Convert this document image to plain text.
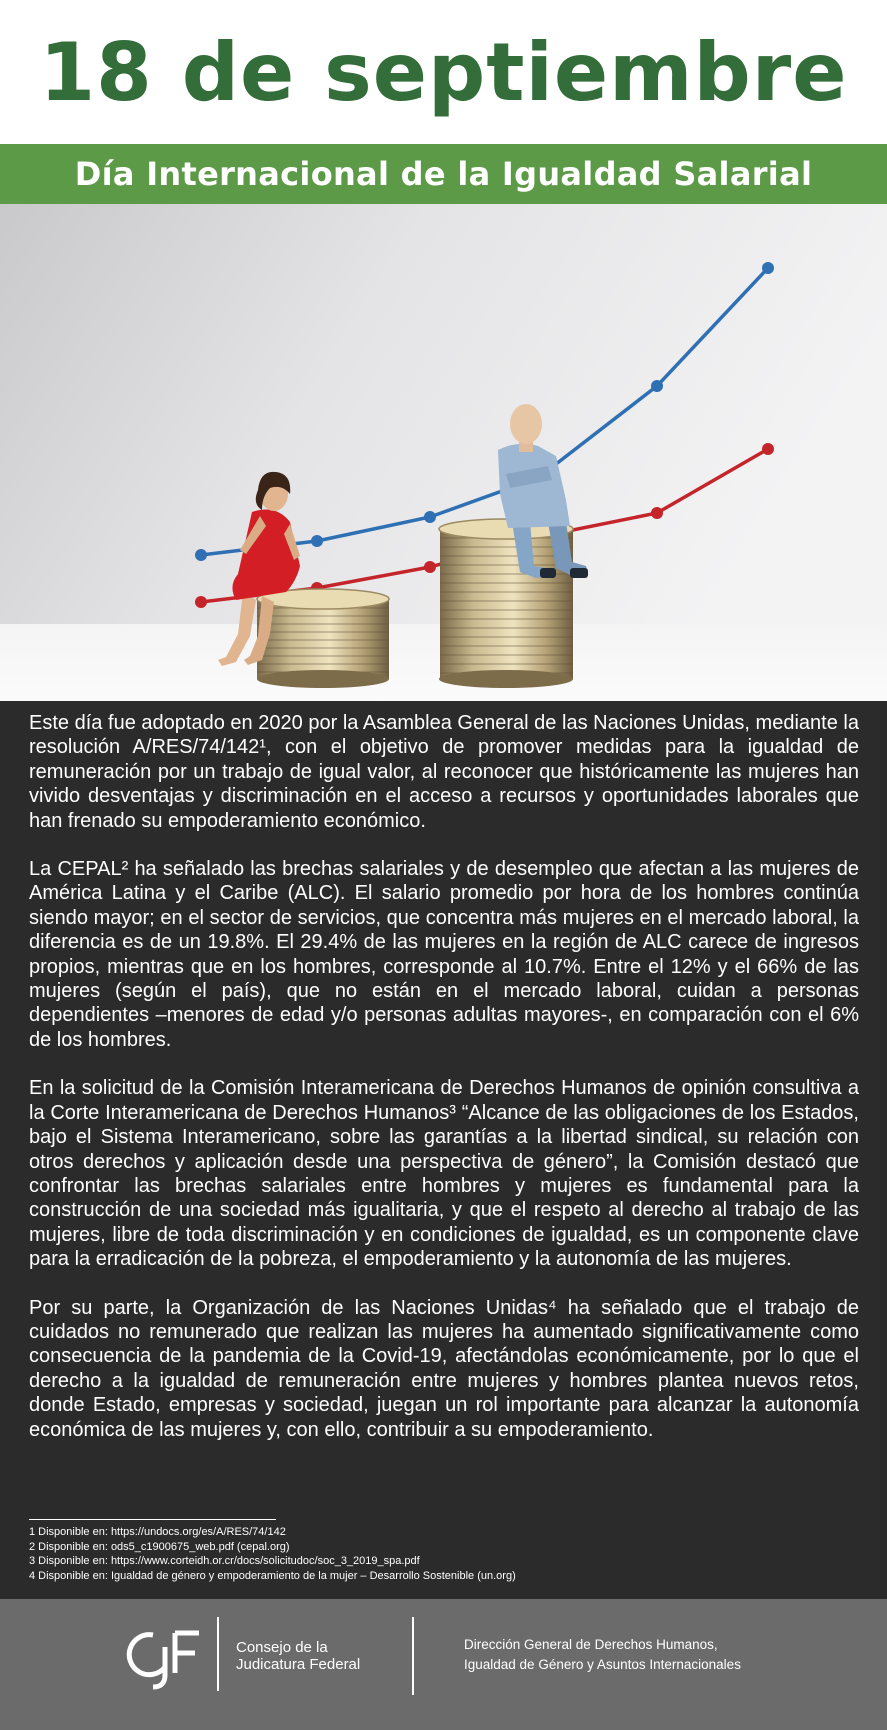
18 de septiembre
Día Internacional de la Igualdad Salarial

Este día fue adoptado en 2020 por la Asamblea General de las Naciones Unidas, mediante la resolución A/RES/74/142¹, con el objetivo de promover medidas para la igualdad de remuneración por un trabajo de igual valor, al reconocer que históricamente las mujeres han vivido desventajas y discriminación en el acceso a recursos y oportunidades laborales que han frenado su empoderamiento económico.

La CEPAL² ha señalado las brechas salariales y de desempleo que afectan a las mujeres de América Latina y el Caribe (ALC). El salario promedio por hora de los hombres continúa siendo mayor; en el sector de servicios, que concentra más mujeres en el mercado laboral, la diferencia es de un 19.8%. El 29.4% de las mujeres en la región de ALC carece de ingresos propios, mientras que en los hombres, corresponde al 10.7%. Entre el 12% y el 66% de las mujeres (según el país), que no están en el mercado laboral, cuidan a personas dependientes –menores de edad y/o personas adultas mayores-, en comparación con el 6% de los hombres.

En la solicitud de la Comisión Interamericana de Derechos Humanos de opinión consultiva a la Corte Interamericana de Derechos Humanos³ “Alcance de las obligaciones de los Estados, bajo el Sistema Interamericano, sobre las garantías a la libertad sindical, su relación con otros derechos y aplicación desde una perspectiva de género”, la Comisión destacó que confrontar las brechas salariales entre hombres y mujeres es fundamental para la construcción de una sociedad más igualitaria, y que el respeto al derecho al trabajo de las mujeres, libre de toda discriminación y en condiciones de igualdad, es un componente clave para la erradicación de la pobreza, el empoderamiento y la autonomía de las mujeres.

Por su parte, la Organización de las Naciones Unidas⁴ ha señalado que el trabajo de cuidados no remunerado que realizan las mujeres ha aumentado significativamente como consecuencia de la pandemia de la Covid-19, afectándolas económicamente, por lo que el derecho a la igualdad de remuneración entre mujeres y hombres plantea nuevos retos, donde Estado, empresas y sociedad, juegan un rol importante para alcanzar la autonomía económica de las mujeres y, con ello, contribuir a su empoderamiento.

1 Disponible en: https://undocs.org/es/A/RES/74/142
2 Disponible en: ods5_c1900675_web.pdf (cepal.org)
3 Disponible en: https://www.corteidh.or.cr/docs/solicitudoc/soc_3_2019_spa.pdf
4 Disponible en: Igualdad de género y empoderamiento de la mujer – Desarrollo Sostenible (un.org)
Consejo de la
Judicatura Federal
Dirección General de Derechos Humanos,
Igualdad de Género y Asuntos Internacionales
